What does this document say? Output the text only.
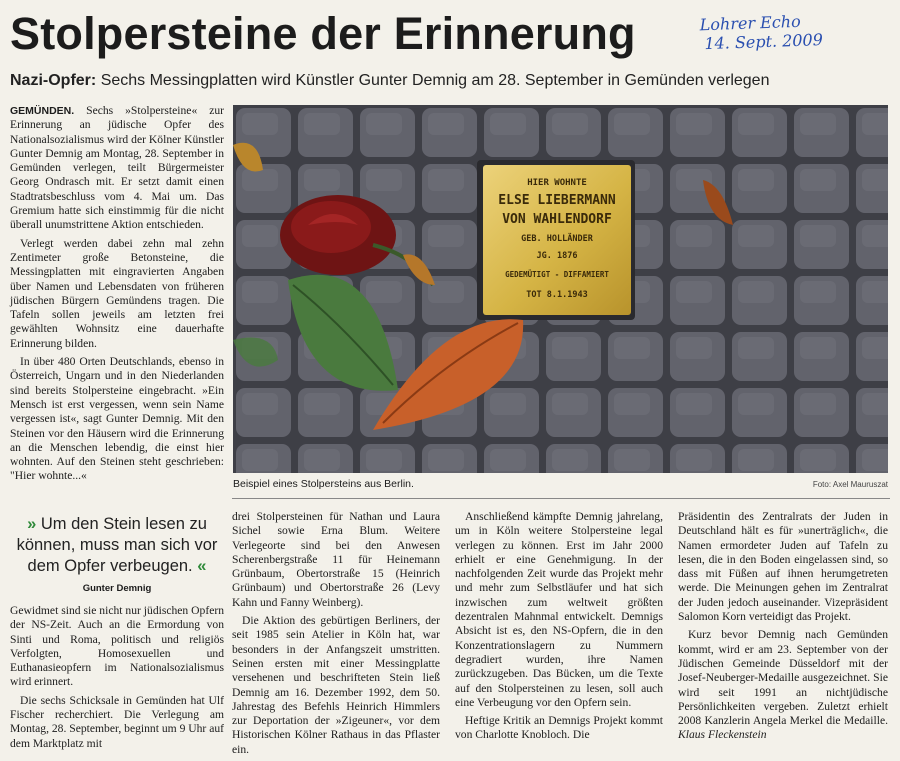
Stolpersteine der Erinnerung	Lohrer Echo
14. Sept. 2009
Nazi-Opfer: Sechs Messingplatten wird Künstler Gunter Demnig am 28. September in Gemünden verlegen

GEMÜNDEN. Sechs »Stolpersteine« zur Erinnerung an jüdische Opfer des Nationalsozialismus wird der Kölner Künstler Gunter Demnig am Montag, 28. September in Gemünden verlegen, teilt Bürgermeister Georg Ondrasch mit. Er setzt damit einen Stadtratsbeschluss vom 4. Mai um. Das Gremium hatte sich einstimmig für die nicht überall unumstrittene Aktion entschieden.

Verlegt werden dabei zehn mal zehn Zentimeter große Betonsteine, die Messingplatten mit eingravierten Angaben über Namen und Lebensdaten von früheren jüdischen Bürgern Gemündens tragen. Die Tafeln sollen jeweils am letzten frei gewählten Wohnsitz eine dauerhafte Erinnerung bilden.

In über 480 Orten Deutschlands, ebenso in Österreich, Ungarn und in den Niederlanden sind bereits Stolpersteine eingebracht. »Ein Mensch ist erst vergessen, wenn sein Name vergessen ist«, sagt Gunter Demnig. Mit den Steinen vor den Häusern wird die Erinnerung an die Menschen lebendig, die einst hier wohnten. Auf den Steinen steht geschrieben: "Hier wohnte...«

HIER WOHNTE
ELSE LIEBERMANN
VON WAHLENDORF
GEB. HOLLÄNDER
JG. 1876
GEDEMÜTIGT - DIFFAMIERT
TOT 8.1.1943
Beispiel eines Stolpersteins aus Berlin.	Foto: Axel Mauruszat
» Um den Stein lesen zu können, muss man sich vor dem Opfer verbeugen. «
Gunter Demnig

Gewidmet sind sie nicht nur jüdischen Opfern der NS-Zeit. Auch an die Ermordung von Sinti und Roma, politisch und religiös Verfolgten, Homosexuellen und Euthanasieopfern im Nationalsozialismus wird erinnert.

Die sechs Schicksale in Gemünden hat Ulf Fischer recherchiert. Die Verlegung am Montag, 28. September, beginnt um 9 Uhr auf dem Marktplatz mit

drei Stolpersteinen für Nathan und Laura Sichel sowie Erna Blum. Weitere Verlegeorte sind bei den Anwesen Scherenbergstraße 11 für Heinemann Grünbaum, Obertorstraße 15 (Heinrich Grünbaum) und Obertorstraße 26 (Levy Kahn und Fanny Weinberg).

Die Aktion des gebürtigen Berliners, der seit 1985 sein Atelier in Köln hat, war besonders in der Anfangszeit umstritten. Seinen ersten mit einer Messingplatte versehenen und beschrifteten Stein ließ Demnig am 16. Dezember 1992, dem 50. Jahrestag des Befehls Heinrich Himmlers zur Deportation der »Zigeuner«, vor dem Historischen Kölner Rathaus in das Pflaster ein.

Anschließend kämpfte Demnig jahrelang, um in Köln weitere Stolpersteine legal verlegen zu können. Erst im Jahr 2000 erhielt er eine Genehmigung. In der nachfolgenden Zeit wurde das Projekt mehr und mehr zum Selbstläufer und hat sich inzwischen zum weltweit größten dezentralen Mahnmal entwickelt. Demnigs Absicht ist es, den NS-Opfern, die in den Konzentrationslagern zu Nummern degradiert wurden, ihre Namen zurückzugeben. Das Bücken, um die Texte auf den Stolpersteinen zu lesen, soll auch eine Verbeugung vor den Opfern sein.

Heftige Kritik an Demnigs Projekt kommt von Charlotte Knobloch. Die

Präsidentin des Zentralrats der Juden in Deutschland hält es für »unerträglich«, die Namen ermordeter Juden auf Tafeln zu lesen, die in den Boden eingelassen sind, so dass mit Füßen auf ihnen herumgetreten werde. Die Meinungen gehen im Zentralrat der Juden jedoch auseinander. Vizepräsident Salomon Korn verteidigt das Projekt.

Kurz bevor Demnig nach Gemünden kommt, wird er am 23. September von der Jüdischen Gemeinde Düsseldorf mit der Josef-Neuberger-Medaille ausgezeichnet. Sie wird seit 1991 an nichtjüdische Persönlichkeiten vergeben. Zuletzt erhielt 2008 Kanzlerin Angela Merkel die Medaille. Klaus Fleckenstein
